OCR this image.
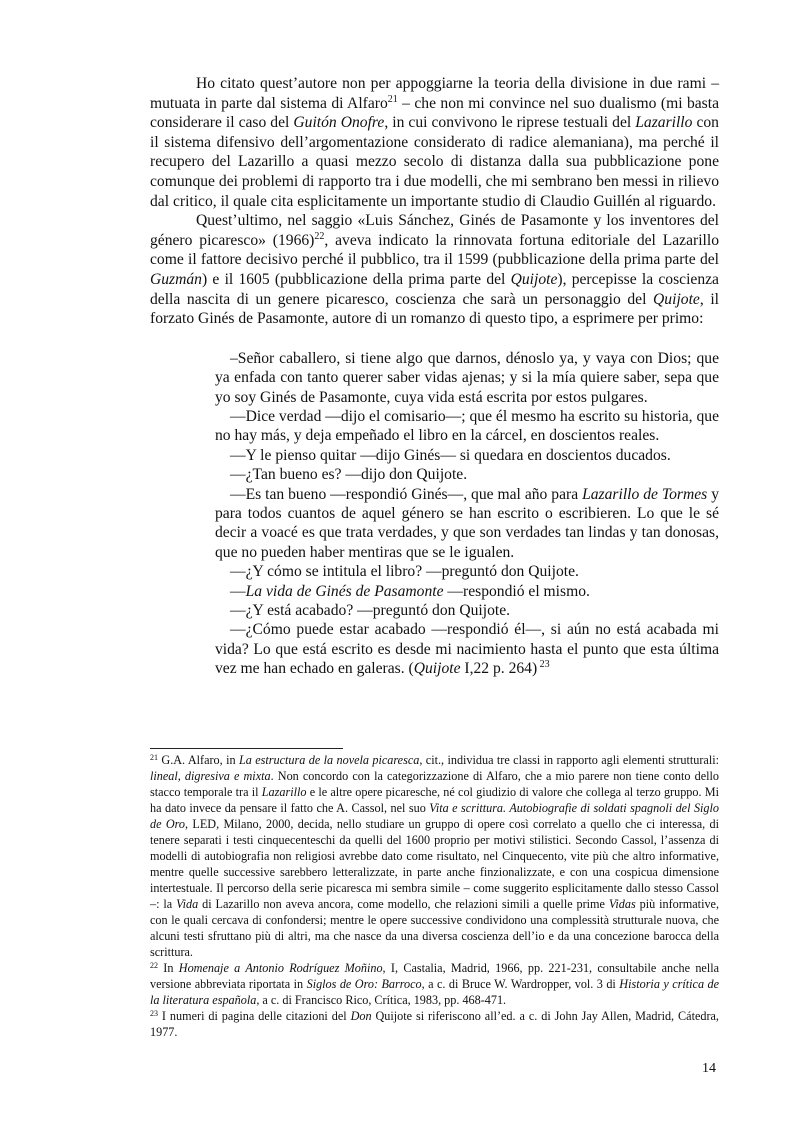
Ho citato quest’autore non per appoggiarne la teoria della divisione in due rami – mutuata in parte dal sistema di Alfaro$^{21}$ – che non mi convince nel suo dualismo (mi basta considerare il caso del Guitón Onofre, in cui convivono le riprese testuali del Lazarillo con il sistema difensivo dell’argomentazione considerato di radice alemaniana), ma perché il recupero del Lazarillo a quasi mezzo secolo di distanza dalla sua pubblicazione pone comunque dei problemi di rapporto tra i due modelli, che mi sembrano ben messi in rilievo dal critico, il quale cita esplicitamente un importante studio di Claudio Guillén al riguardo.

Quest’ultimo, nel saggio «Luis Sánchez, Ginés de Pasamonte y los inventores del género picaresco» $(1966)^{22}$, aveva indicato la rinnovata fortuna editoriale del Lazarillo come il fattore decisivo perché il pubblico, tra il 1599 (pubblicazione della prima parte del Guzmán) e il 1605 (pubblicazione della prima parte del Quijote), percepisse la coscienza della nascita di un genere picaresco, coscienza che sarà un personaggio del Quijote, il forzato Ginés de Pasamonte, autore di un romanzo di questo tipo, a esprimere per primo:

–Señor caballero, si tiene algo que darnos, dénoslo ya, y vaya con Dios; que ya enfada con tanto querer saber vidas ajenas; y si la mía quiere saber, sepa que yo soy Ginés de Pasamonte, cuya vida está escrita por estos pulgares.

—Dice verdad —dijo el comisario—; que él mesmo ha escrito su historia, que no hay más, y deja empeñado el libro en la cárcel, en doscientos reales.

—Y le pienso quitar —dijo Ginés— si quedara en doscientos ducados.

—¿Tan bueno es? —dijo don Quijote.

—Es tan bueno —respondió Ginés—, que mal año para Lazarillo de Tormes y para todos cuantos de aquel género se han escrito o escribieren. Lo que le sé decir a voacé es que trata verdades, y que son verdades tan lindas y tan donosas, que no pueden haber mentiras que se le igualen.

—¿Y cómo se intitula el libro? —preguntó don Quijote.

—La vida de Ginés de Pasamonte —respondió el mismo.

—¿Y está acabado? —preguntó don Quijote.

—¿Cómo puede estar acabado —respondió él—, si aún no está acabada mi vida? Lo que está escrito es desde mi nacimiento hasta el punto que esta última vez me han echado en galeras. (Quijote I,22 p. 264) $^{23}$

$^{21}$ G.A. Alfaro, in La estructura de la novela picaresca, cit., individua tre classi in rapporto agli elementi strutturali: lineal, digresiva e mixta. Non concordo con la categorizzazione di Alfaro, che a mio parere non tiene conto dello stacco temporale tra il Lazarillo e le altre opere picaresche, né col giudizio di valore che collega al terzo gruppo. Mi ha dato invece da pensare il fatto che A. Cassol, nel suo Vita e scrittura. Autobiografie di soldati spagnoli del Siglo de Oro, LED, Milano, 2000, decida, nello studiare un gruppo di opere così correlato a quello che ci interessa, di tenere separati i testi cinquecenteschi da quelli del 1600 proprio per motivi stilistici. Secondo Cassol, l’assenza di modelli di autobiografia non religiosi avrebbe dato come risultato, nel Cinquecento, vite più che altro informative, mentre quelle successive sarebbero letteralizzate, in parte anche finzionalizzate, e con una cospicua dimensione intertestuale. Il percorso della serie picaresca mi sembra simile – come suggerito esplicitamente dallo stesso Cassol –: la Vida di Lazarillo non aveva ancora, come modello, che relazioni simili a quelle prime Vidas più informative, con le quali cercava di confondersi; mentre le opere successive condividono una complessità strutturale nuova, che alcuni testi sfruttano più di altri, ma che nasce da una diversa coscienza dell’io e da una concezione barocca della scrittura.

$^{22}$ In Homenaje a Antonio Rodríguez Moñino, I, Castalia, Madrid, 1966, pp. 221-231, consultabile anche nella versione abbreviata riportata in Siglos de Oro: Barroco, a c. di Bruce W. Wardropper, vol. 3 di Historia y crítica de la literatura española, a c. di Francisco Rico, Crítica, 1983, pp. 468-471.

$^{23}$ I numeri di pagina delle citazioni del Don Quijote si riferiscono all’ed. a c. di John Jay Allen, Madrid, Cátedra, 1977.

14
